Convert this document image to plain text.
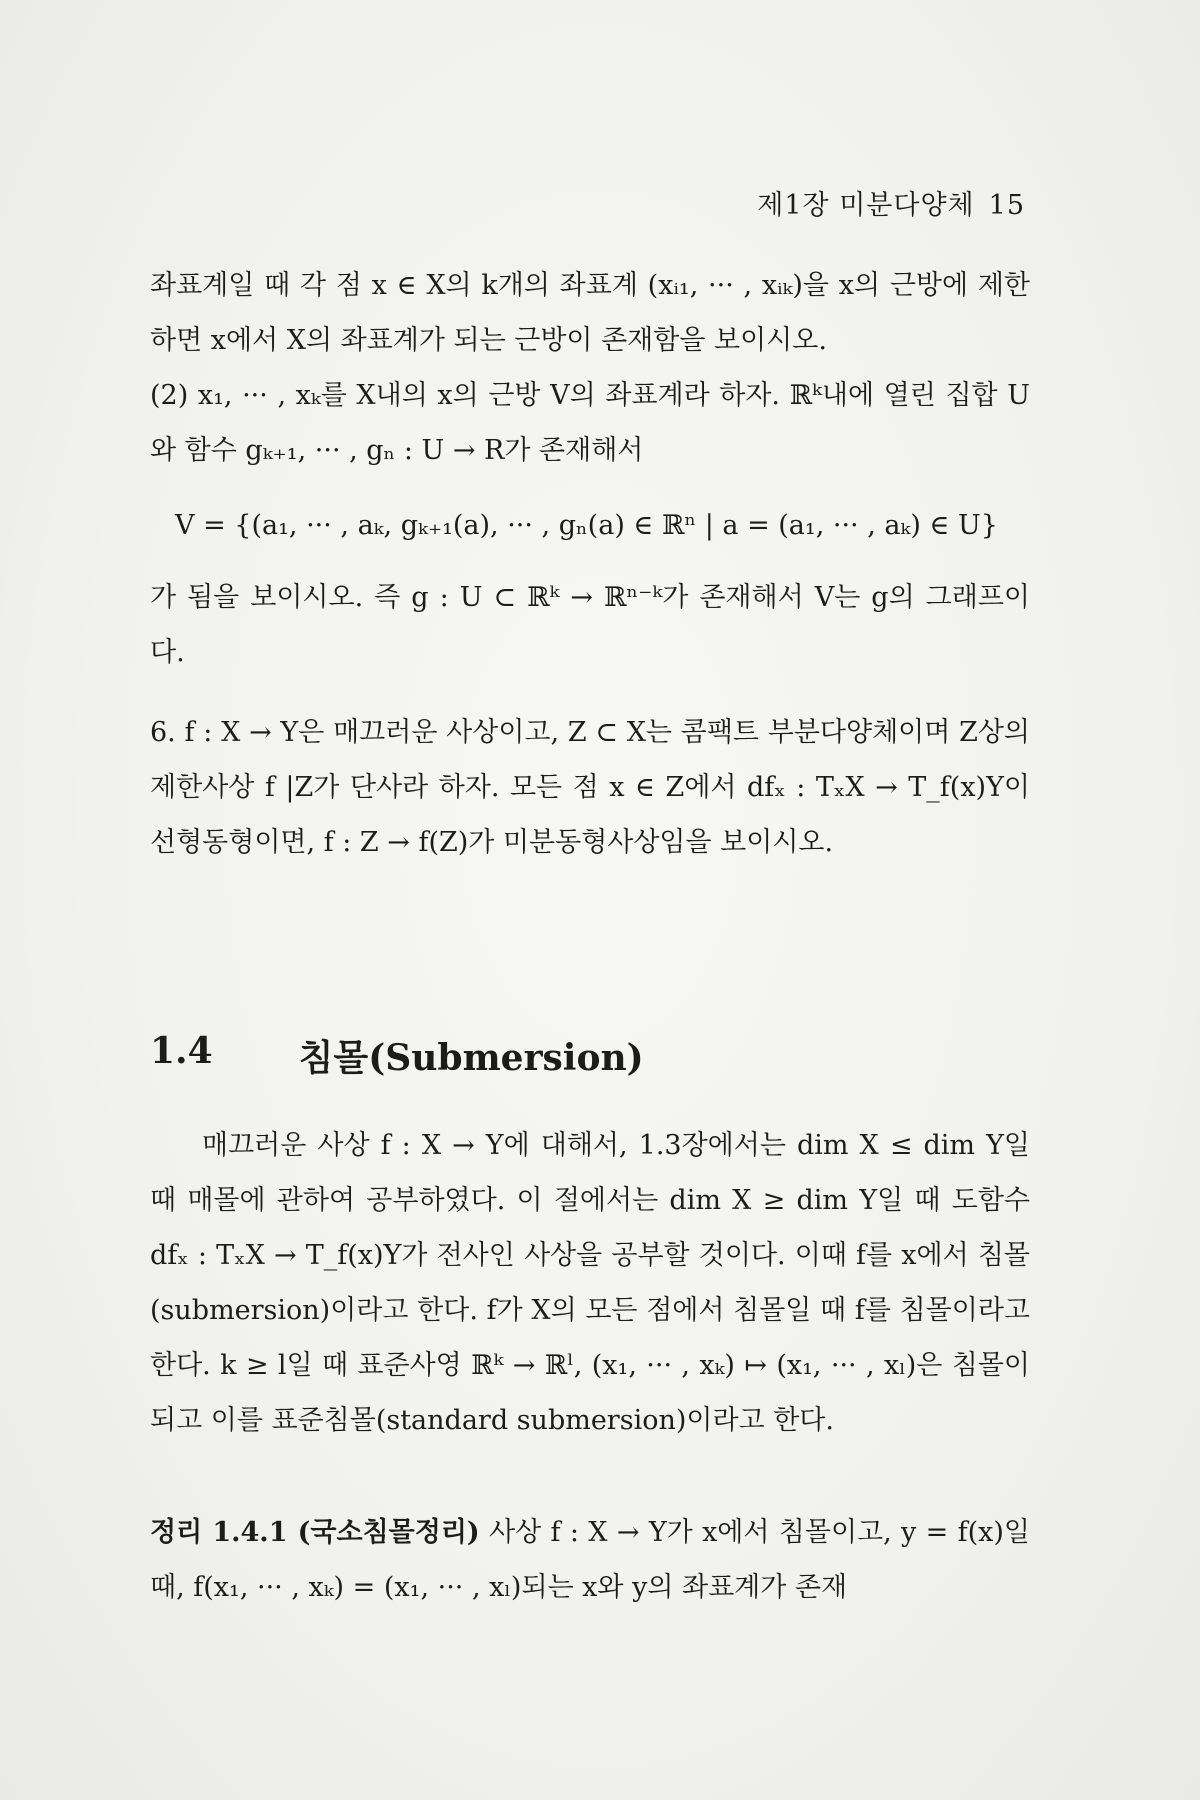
제1장 미분다양체 15

좌표계일 때 각 점 x ∈ X의 k개의 좌표계 (xᵢ₁, ··· , xᵢₖ)을 x의 근방에 제한하면 x에서 X의 좌표계가 되는 근방이 존재함을 보이시오.

(2) x₁, ··· , xₖ를 X내의 x의 근방 V의 좌표계라 하자. ℝᵏ내에 열린 집합 U와 함수 gₖ₊₁, ··· , gₙ : U → R가 존재해서

V = {(a₁, ··· , aₖ, gₖ₊₁(a), ··· , gₙ(a) ∈ ℝⁿ | a = (a₁, ··· , aₖ) ∈ U}

가 됨을 보이시오. 즉 g : U ⊂ ℝᵏ → ℝⁿ⁻ᵏ가 존재해서 V는 g의 그래프이다.

6. f : X → Y은 매끄러운 사상이고, Z ⊂ X는 콤팩트 부분다양체이며 Z상의 제한사상 f |Z가 단사라 하자. 모든 점 x ∈ Z에서 dfₓ : TₓX → T_f(x)Y이 선형동형이면, f : Z → f(Z)가 미분동형사상임을 보이시오.

1.4 침몰(Submersion)

매끄러운 사상 f : X → Y에 대해서, 1.3장에서는 dim X ≤ dim Y일 때 매몰에 관하여 공부하였다. 이 절에서는 dim X ≥ dim Y일 때 도함수 dfₓ : TₓX → T_f(x)Y가 전사인 사상을 공부할 것이다. 이때 f를 x에서 침몰(submersion)이라고 한다. f가 X의 모든 점에서 침몰일 때 f를 침몰이라고 한다. k ≥ l일 때 표준사영 ℝᵏ → ℝˡ, (x₁, ··· , xₖ) ↦ (x₁, ··· , xₗ)은 침몰이 되고 이를 표준침몰(standard submersion)이라고 한다.

정리 1.4.1 (국소침몰정리) 사상 f : X → Y가 x에서 침몰이고, y = f(x)일 때, f(x₁, ··· , xₖ) = (x₁, ··· , xₗ)되는 x와 y의 좌표계가 존재
